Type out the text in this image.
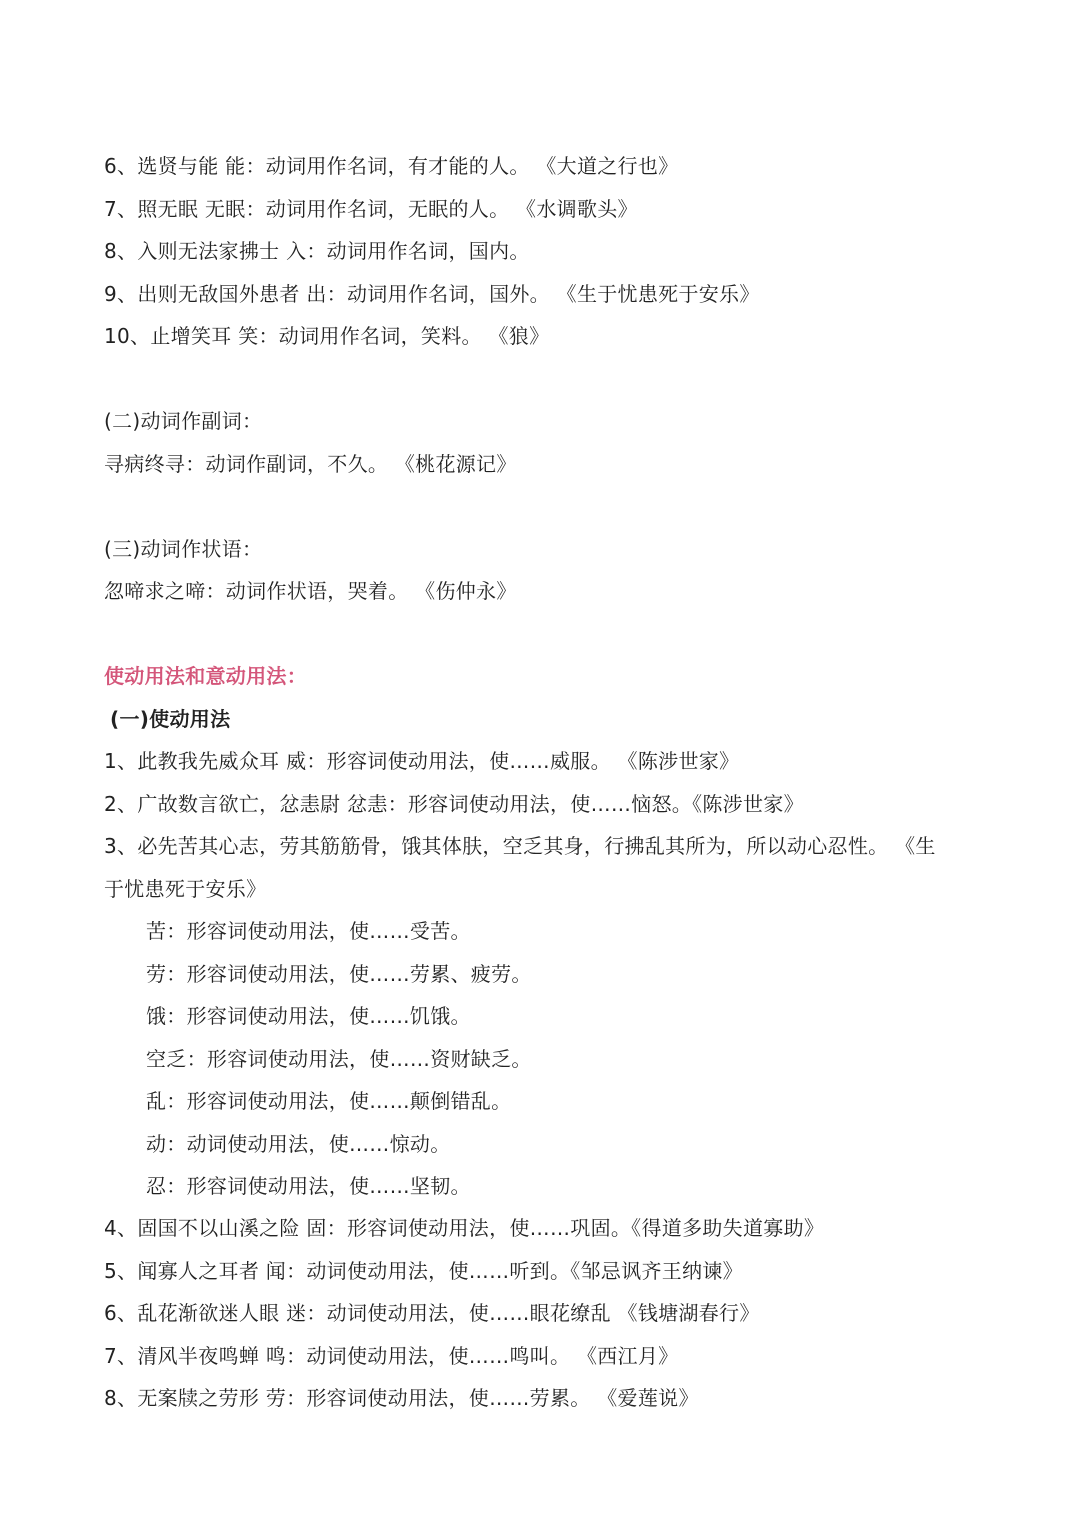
6、选贤与能 能：动词用作名词，有才能的人。 《大道之行也》
7、照无眠 无眠：动词用作名词，无眠的人。 《水调歌头》
8、入则无法家拂士 入：动词用作名词，国内。
9、出则无敌国外患者 出：动词用作名词，国外。 《生于忧患死于安乐》
10、止增笑耳 笑：动词用作名词，笑料。 《狼》
(二)动词作副词：
寻病终寻：动词作副词，不久。 《桃花源记》
(三)动词作状语：
忽啼求之啼：动词作状语，哭着。 《伤仲永》
使动用法和意动用法：
(一)使动用法
1、此教我先威众耳 威：形容词使动用法，使……威服。 《陈涉世家》
2、广故数言欲亡，忿恚尉 忿恚：形容词使动用法，使……恼怒。《陈涉世家》
3、必先苦其心志，劳其筋筋骨，饿其体肤，空乏其身，行拂乱其所为，所以动心忍性。 《生
于忧患死于安乐》
苦：形容词使动用法，使……受苦。
劳：形容词使动用法，使……劳累、疲劳。
饿：形容词使动用法，使……饥饿。
空乏：形容词使动用法，使……资财缺乏。
乱：形容词使动用法，使……颠倒错乱。
动：动词使动用法，使……惊动。
忍：形容词使动用法，使……坚韧。
4、固国不以山溪之险 固：形容词使动用法，使……巩固。《得道多助失道寡助》
5、闻寡人之耳者 闻：动词使动用法，使……听到。《邹忌讽齐王纳谏》
6、乱花渐欲迷人眼 迷：动词使动用法，使……眼花缭乱 《钱塘湖春行》
7、清风半夜鸣蝉 鸣：动词使动用法，使……鸣叫。 《西江月》
8、无案牍之劳形 劳：形容词使动用法，使……劳累。 《爱莲说》
